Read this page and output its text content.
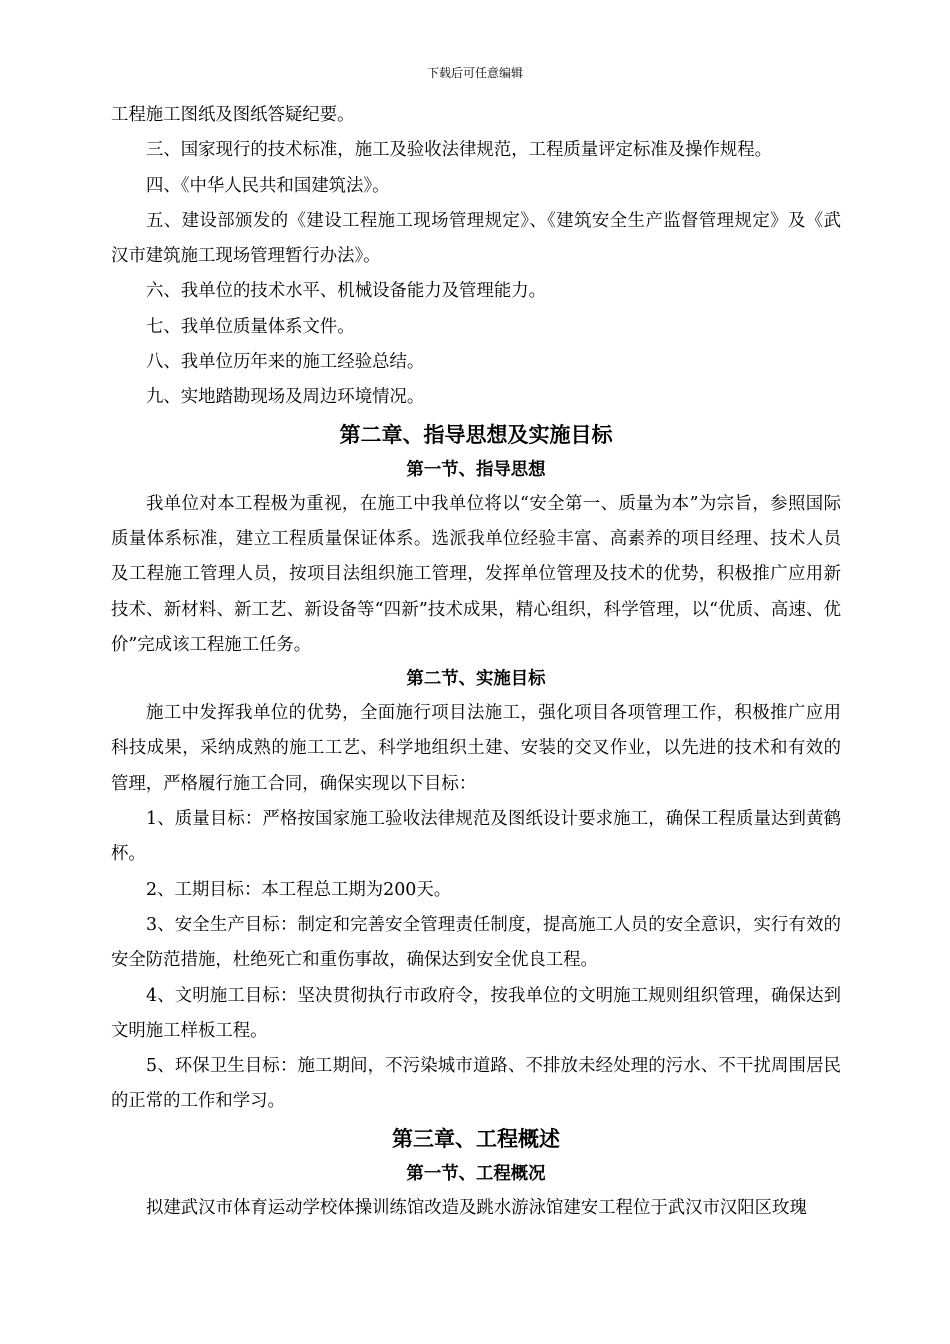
下载后可任意编辑

工程施工图纸及图纸答疑纪要。

三、国家现行的技术标准，施工及验收法律规范，工程质量评定标准及操作规程。

四、《中华人民共和国建筑法》。

五、建设部颁发的《建设工程施工现场管理规定》、《建筑安全生产监督管理规定》及《武汉市建筑施工现场管理暂行办法》。

六、我单位的技术水平、机械设备能力及管理能力。

七、我单位质量体系文件。

八、我单位历年来的施工经验总结。

九、实地踏勘现场及周边环境情况。

第二章、指导思想及实施目标
第一节、指导思想

我单位对本工程极为重视，在施工中我单位将以“安全第一、质量为本”为宗旨，参照国际质量体系标准，建立工程质量保证体系。选派我单位经验丰富、高素养的项目经理、技术人员及工程施工管理人员，按项目法组织施工管理，发挥单位管理及技术的优势，积极推广应用新技术、新材料、新工艺、新设备等“四新”技术成果，精心组织，科学管理，以“优质、高速、优价”完成该工程施工任务。

第二节、实施目标

施工中发挥我单位的优势，全面施行项目法施工，强化项目各项管理工作，积极推广应用科技成果，采纳成熟的施工工艺、科学地组织土建、安装的交叉作业，以先进的技术和有效的管理，严格履行施工合同，确保实现以下目标：

1、质量目标：严格按国家施工验收法律规范及图纸设计要求施工，确保工程质量达到黄鹤杯。

2、工期目标：本工程总工期为200天。

3、安全生产目标：制定和完善安全管理责任制度，提高施工人员的安全意识，实行有效的安全防范措施，杜绝死亡和重伤事故，确保达到安全优良工程。

4、文明施工目标：坚决贯彻执行市政府令，按我单位的文明施工规则组织管理，确保达到文明施工样板工程。

5、环保卫生目标：施工期间，不污染城市道路、不排放未经处理的污水、不干扰周围居民的正常的工作和学习。

第三章、工程概述
第一节、工程概况

拟建武汉市体育运动学校体操训练馆改造及跳水游泳馆建安工程位于武汉市汉阳区玫瑰
